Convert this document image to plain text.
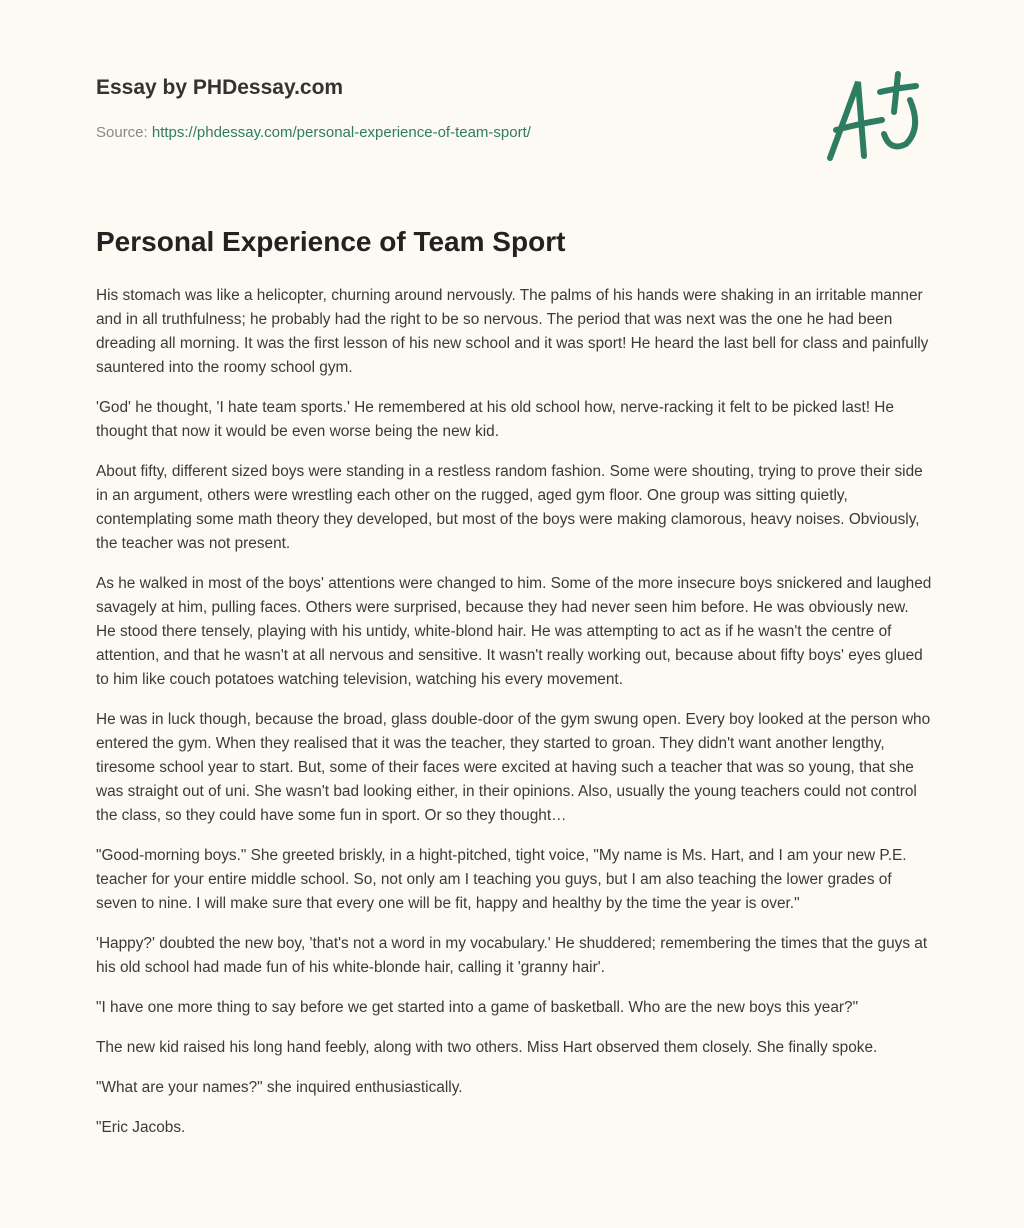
Essay by PHDessay.com
Source: https://phdessay.com/personal-experience-of-team-sport/
Personal Experience of Team Sport

His stomach was like a helicopter, churning around nervously. The palms of his hands were shaking in an irritable manner and in all truthfulness; he probably had the right to be so nervous. The period that was next was the one he had been dreading all morning. It was the first lesson of his new school and it was sport! He heard the last bell for class and painfully sauntered into the roomy school gym.

'God' he thought, 'I hate team sports.' He remembered at his old school how, nerve-racking it felt to be picked last! He thought that now it would be even worse being the new kid.

About fifty, different sized boys were standing in a restless random fashion. Some were shouting, trying to prove their side in an argument, others were wrestling each other on the rugged, aged gym floor. One group was sitting quietly, contemplating some math theory they developed, but most of the boys were making clamorous, heavy noises. Obviously, the teacher was not present.

As he walked in most of the boys' attentions were changed to him. Some of the more insecure boys snickered and laughed savagely at him, pulling faces. Others were surprised, because they had never seen him before. He was obviously new. He stood there tensely, playing with his untidy, white-blond hair. He was attempting to act as if he wasn't the centre of attention, and that he wasn't at all nervous and sensitive. It wasn't really working out, because about fifty boys' eyes glued to him like couch potatoes watching television, watching his every movement.

He was in luck though, because the broad, glass double-door of the gym swung open. Every boy looked at the person who entered the gym. When they realised that it was the teacher, they started to groan. They didn't want another lengthy, tiresome school year to start. But, some of their faces were excited at having such a teacher that was so young, that she was straight out of uni. She wasn't bad looking either, in their opinions. Also, usually the young teachers could not control the class, so they could have some fun in sport. Or so they thought…

"Good-morning boys." She greeted briskly, in a hight-pitched, tight voice, "My name is Ms. Hart, and I am your new P.E. teacher for your entire middle school. So, not only am I teaching you guys, but I am also teaching the lower grades of seven to nine. I will make sure that every one will be fit, happy and healthy by the time the year is over."

'Happy?' doubted the new boy, 'that's not a word in my vocabulary.' He shuddered; remembering the times that the guys at his old school had made fun of his white-blonde hair, calling it 'granny hair'.

"I have one more thing to say before we get started into a game of basketball. Who are the new boys this year?"

The new kid raised his long hand feebly, along with two others. Miss Hart observed them closely. She finally spoke.

"What are your names?" she inquired enthusiastically.

"Eric Jacobs.
